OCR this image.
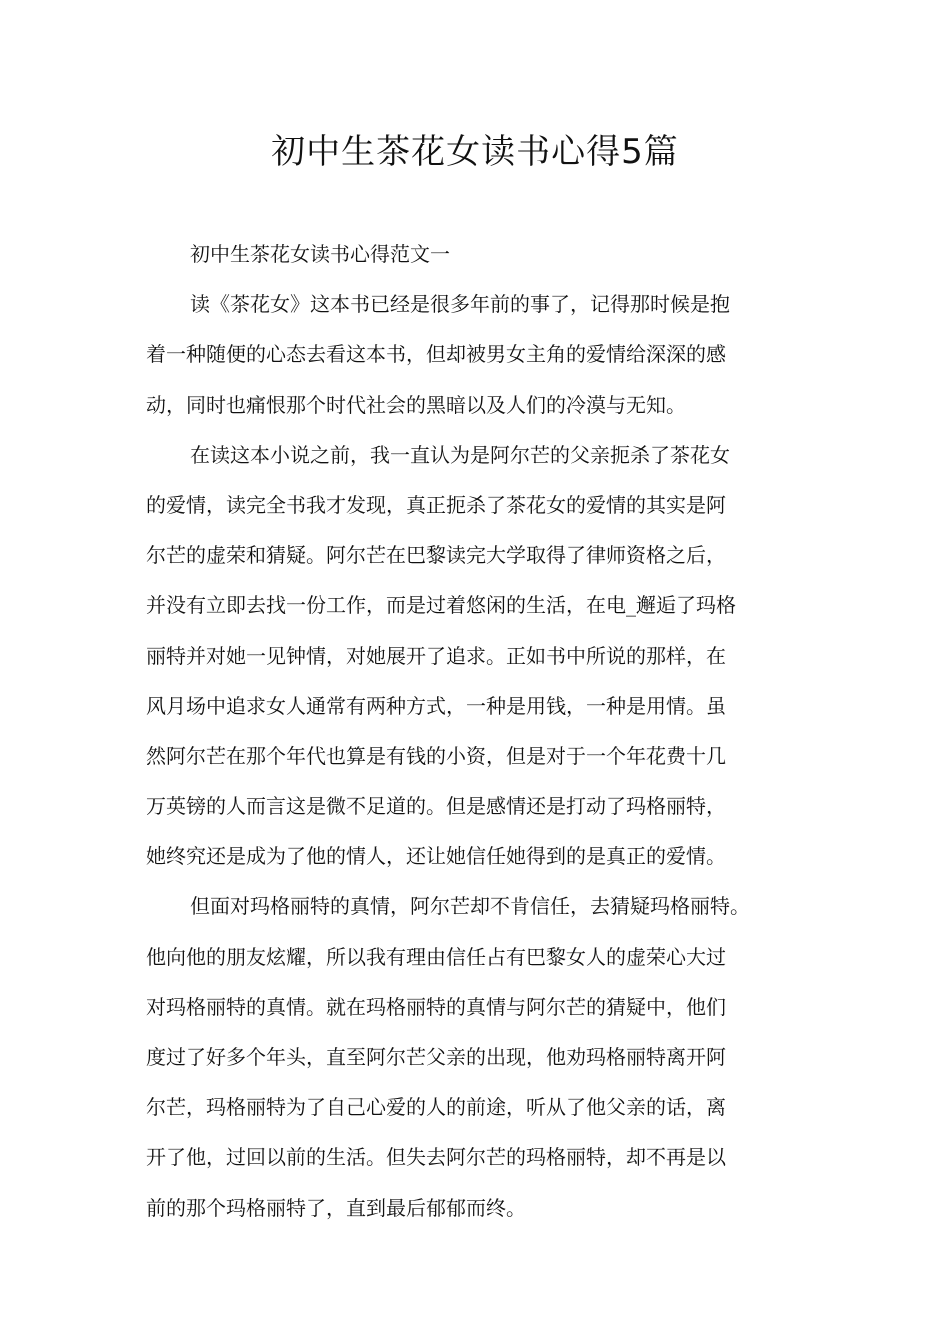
初中生茶花女读书心得5篇
初中生茶花女读书心得范文一
读《茶花女》这本书已经是很多年前的事了，记得那时候是抱
着一种随便的心态去看这本书，但却被男女主角的爱情给深深的感
动，同时也痛恨那个时代社会的黑暗以及人们的冷漠与无知。
在读这本小说之前，我一直认为是阿尔芒的父亲扼杀了茶花女
的爱情，读完全书我才发现，真正扼杀了茶花女的爱情的其实是阿
尔芒的虚荣和猜疑。阿尔芒在巴黎读完大学取得了律师资格之后，
并没有立即去找一份工作，而是过着悠闲的生活，在电_邂逅了玛格
丽特并对她一见钟情，对她展开了追求。正如书中所说的那样，在
风月场中追求女人通常有两种方式，一种是用钱，一种是用情。虽
然阿尔芒在那个年代也算是有钱的小资，但是对于一个年花费十几
万英镑的人而言这是微不足道的。但是感情还是打动了玛格丽特，
她终究还是成为了他的情人，还让她信任她得到的是真正的爱情。
但面对玛格丽特的真情，阿尔芒却不肯信任，去猜疑玛格丽特。
他向他的朋友炫耀，所以我有理由信任占有巴黎女人的虚荣心大过
对玛格丽特的真情。就在玛格丽特的真情与阿尔芒的猜疑中，他们
度过了好多个年头，直至阿尔芒父亲的出现，他劝玛格丽特离开阿
尔芒，玛格丽特为了自己心爱的人的前途，听从了他父亲的话，离
开了他，过回以前的生活。但失去阿尔芒的玛格丽特，却不再是以
前的那个玛格丽特了，直到最后郁郁而终。
